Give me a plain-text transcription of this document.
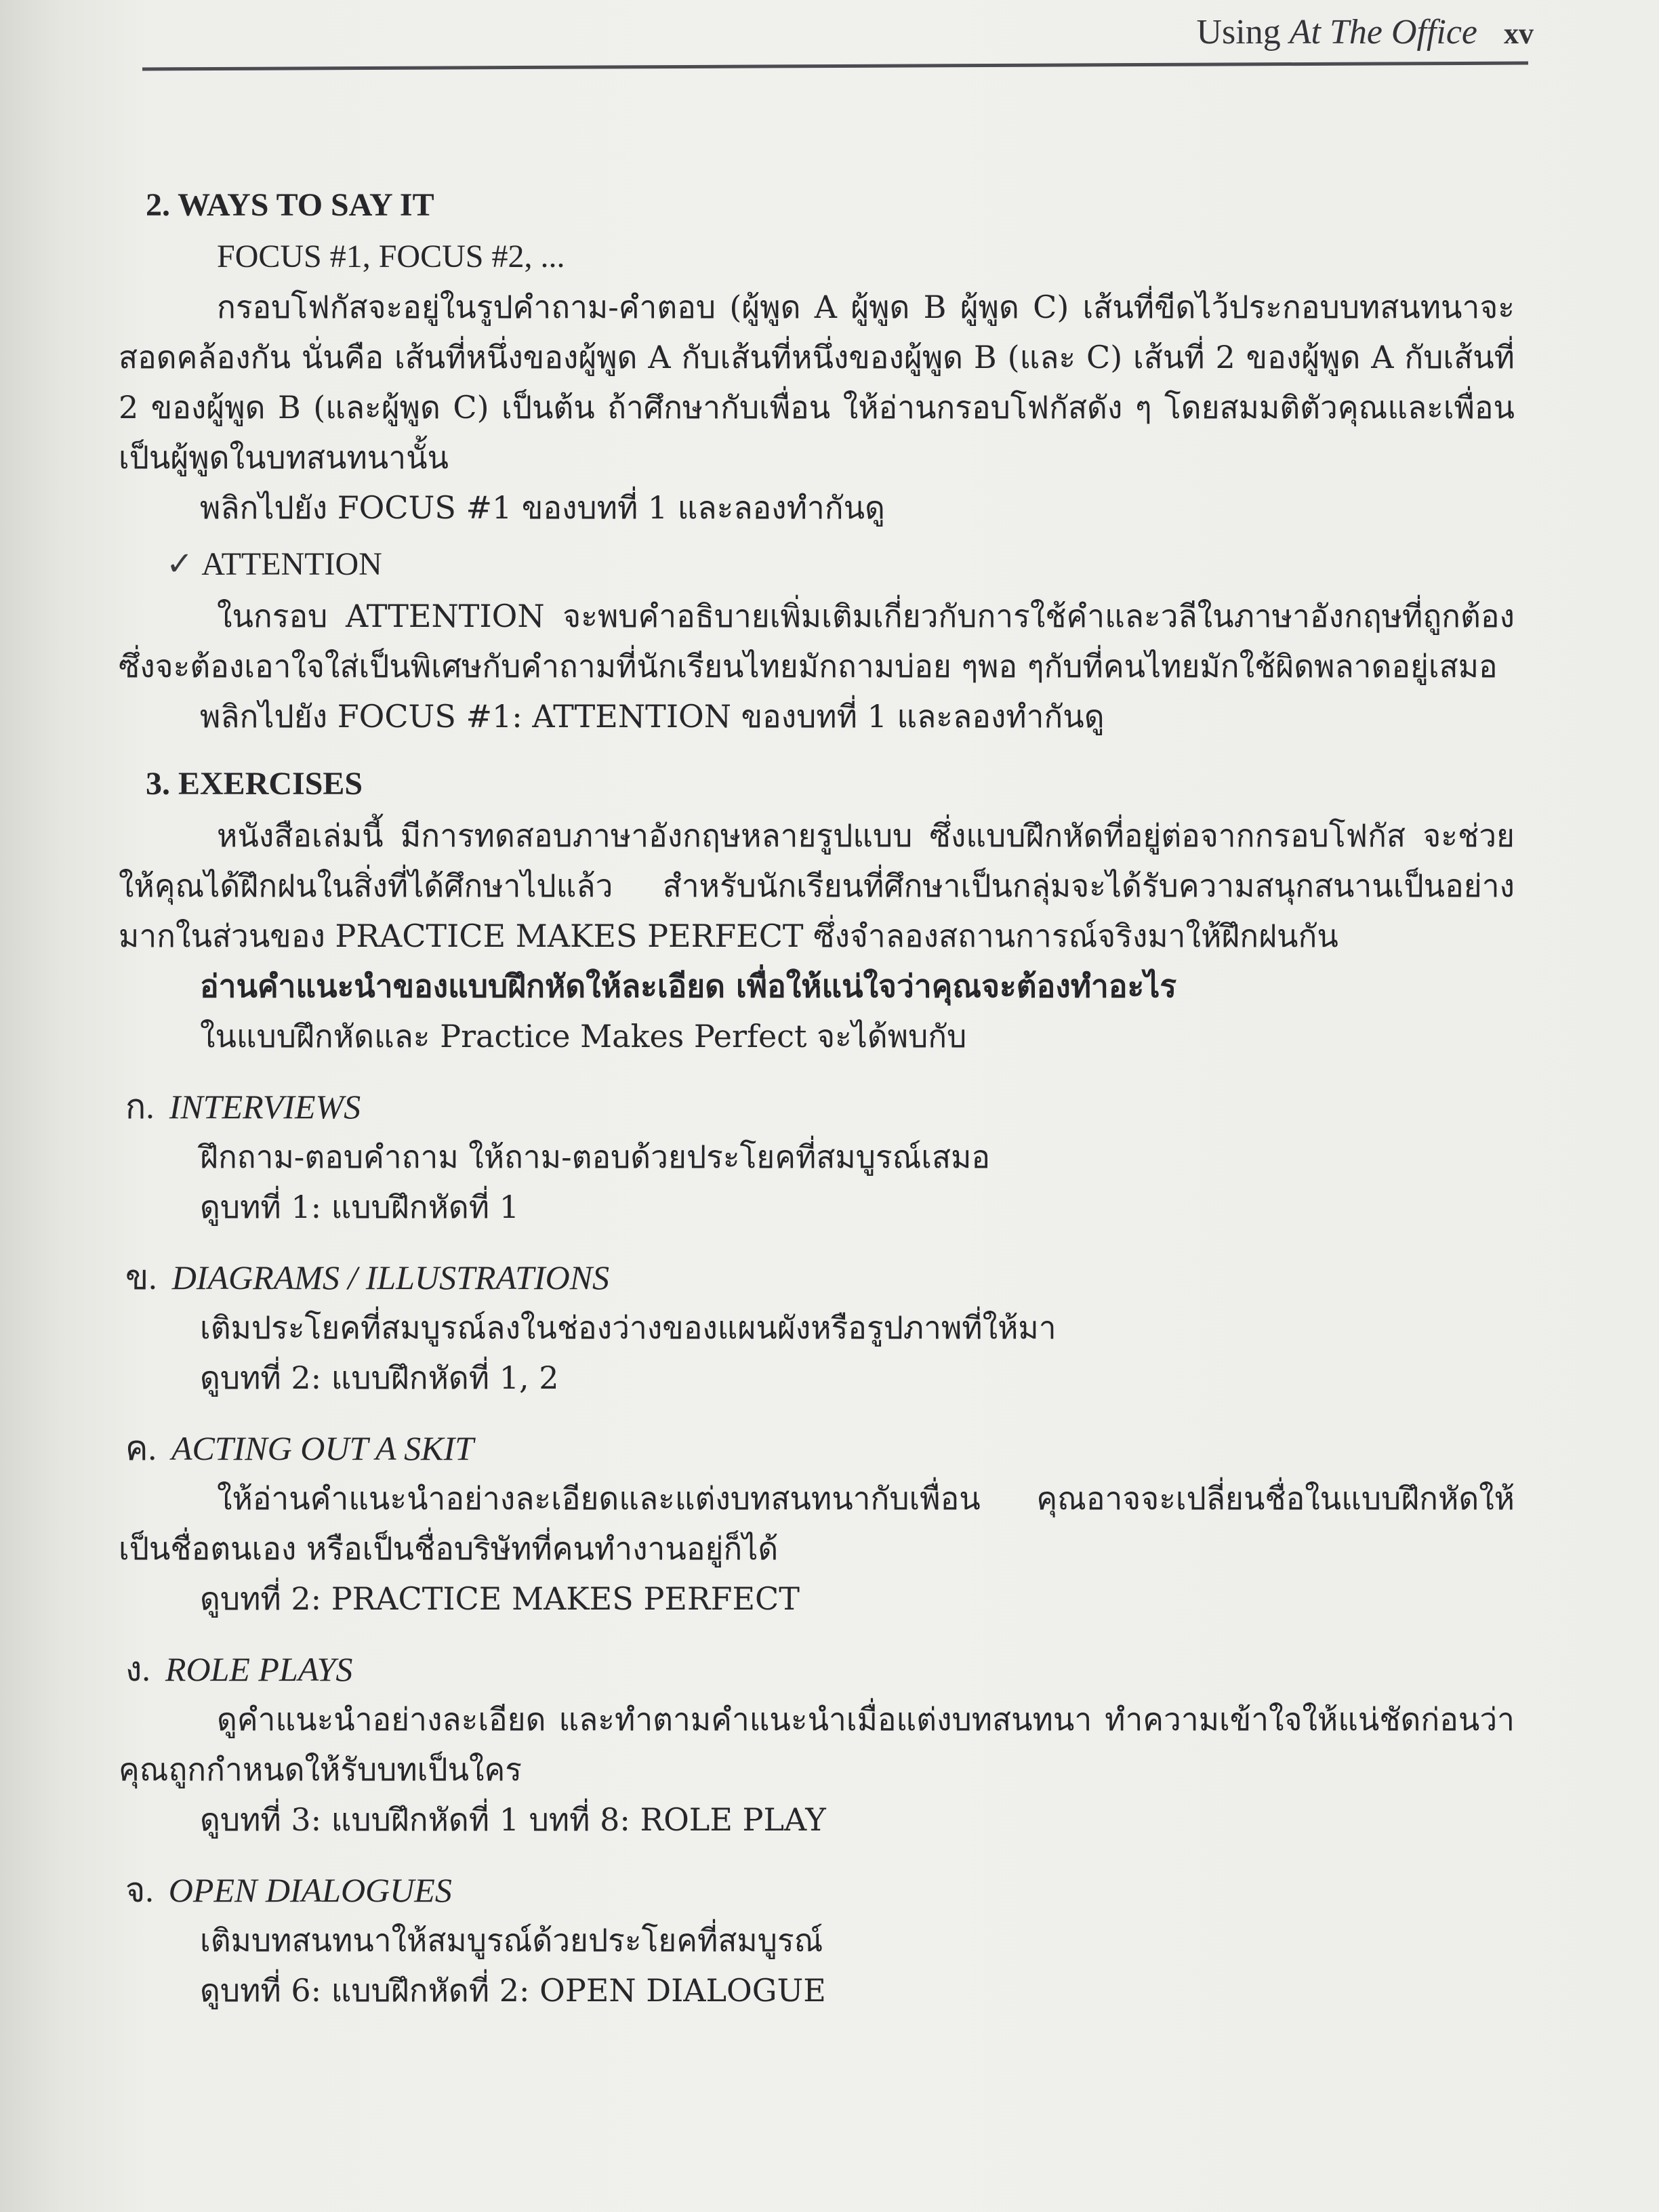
Using At The Office xv
2. WAYS TO SAY IT
FOCUS #1, FOCUS #2, ...
กรอบโฟกัสจะอยู่ในรูปคำถาม-คำตอบ (ผู้พูด A ผู้พูด B ผู้พูด C) เส้นที่ขีดไว้ประกอบบทสนทนาจะสอดคล้องกัน นั่นคือ เส้นที่หนึ่งของผู้พูด A กับเส้นที่หนึ่งของผู้พูด B (และ C) เส้นที่ 2 ของผู้พูด A กับเส้นที่ 2 ของผู้พูด B (และผู้พูด C) เป็นต้น ถ้าศึกษากับเพื่อน ให้อ่านกรอบโฟกัสดัง ๆ โดยสมมติตัวคุณและเพื่อนเป็นผู้พูดในบทสนทนานั้น
พลิกไปยัง FOCUS #1 ของบทที่ 1 และลองทำกันดู
✓ ATTENTION
ในกรอบ ATTENTION จะพบคำอธิบายเพิ่มเติมเกี่ยวกับการใช้คำและวลีในภาษาอังกฤษที่ถูกต้อง ซึ่งจะต้องเอาใจใส่เป็นพิเศษกับคำถามที่นักเรียนไทยมักถามบ่อย ๆพอ ๆกับที่คนไทยมักใช้ผิดพลาดอยู่เสมอ
พลิกไปยัง FOCUS #1: ATTENTION ของบทที่ 1 และลองทำกันดู
3. EXERCISES
หนังสือเล่มนี้ มีการทดสอบภาษาอังกฤษหลายรูปแบบ ซึ่งแบบฝึกหัดที่อยู่ต่อจากกรอบโฟกัส จะช่วยให้คุณได้ฝึกฝนในสิ่งที่ได้ศึกษาไปแล้ว สำหรับนักเรียนที่ศึกษาเป็นกลุ่มจะได้รับความสนุกสนานเป็นอย่างมากในส่วนของ PRACTICE MAKES PERFECT ซึ่งจำลองสถานการณ์จริงมาให้ฝึกฝนกัน
อ่านคำแนะนำของแบบฝึกหัดให้ละเอียด เพื่อให้แน่ใจว่าคุณจะต้องทำอะไร
ในแบบฝึกหัดและ Practice Makes Perfect จะได้พบกับ
ก. INTERVIEWS
ฝึกถาม-ตอบคำถาม ให้ถาม-ตอบด้วยประโยคที่สมบูรณ์เสมอ
ดูบทที่ 1: แบบฝึกหัดที่ 1
ข. DIAGRAMS / ILLUSTRATIONS
เติมประโยคที่สมบูรณ์ลงในช่องว่างของแผนผังหรือรูปภาพที่ให้มา
ดูบทที่ 2: แบบฝึกหัดที่ 1, 2
ค. ACTING OUT A SKIT
ให้อ่านคำแนะนำอย่างละเอียดและแต่งบทสนทนากับเพื่อน คุณอาจจะเปลี่ยนชื่อในแบบฝึกหัดให้เป็นชื่อตนเอง หรือเป็นชื่อบริษัทที่คนทำงานอยู่ก็ได้
ดูบทที่ 2: PRACTICE MAKES PERFECT
ง. ROLE PLAYS
ดูคำแนะนำอย่างละเอียด และทำตามคำแนะนำเมื่อแต่งบทสนทนา ทำความเข้าใจให้แน่ชัดก่อนว่าคุณถูกกำหนดให้รับบทเป็นใคร
ดูบทที่ 3: แบบฝึกหัดที่ 1 บทที่ 8: ROLE PLAY
จ. OPEN DIALOGUES
เติมบทสนทนาให้สมบูรณ์ด้วยประโยคที่สมบูรณ์
ดูบทที่ 6: แบบฝึกหัดที่ 2: OPEN DIALOGUE
